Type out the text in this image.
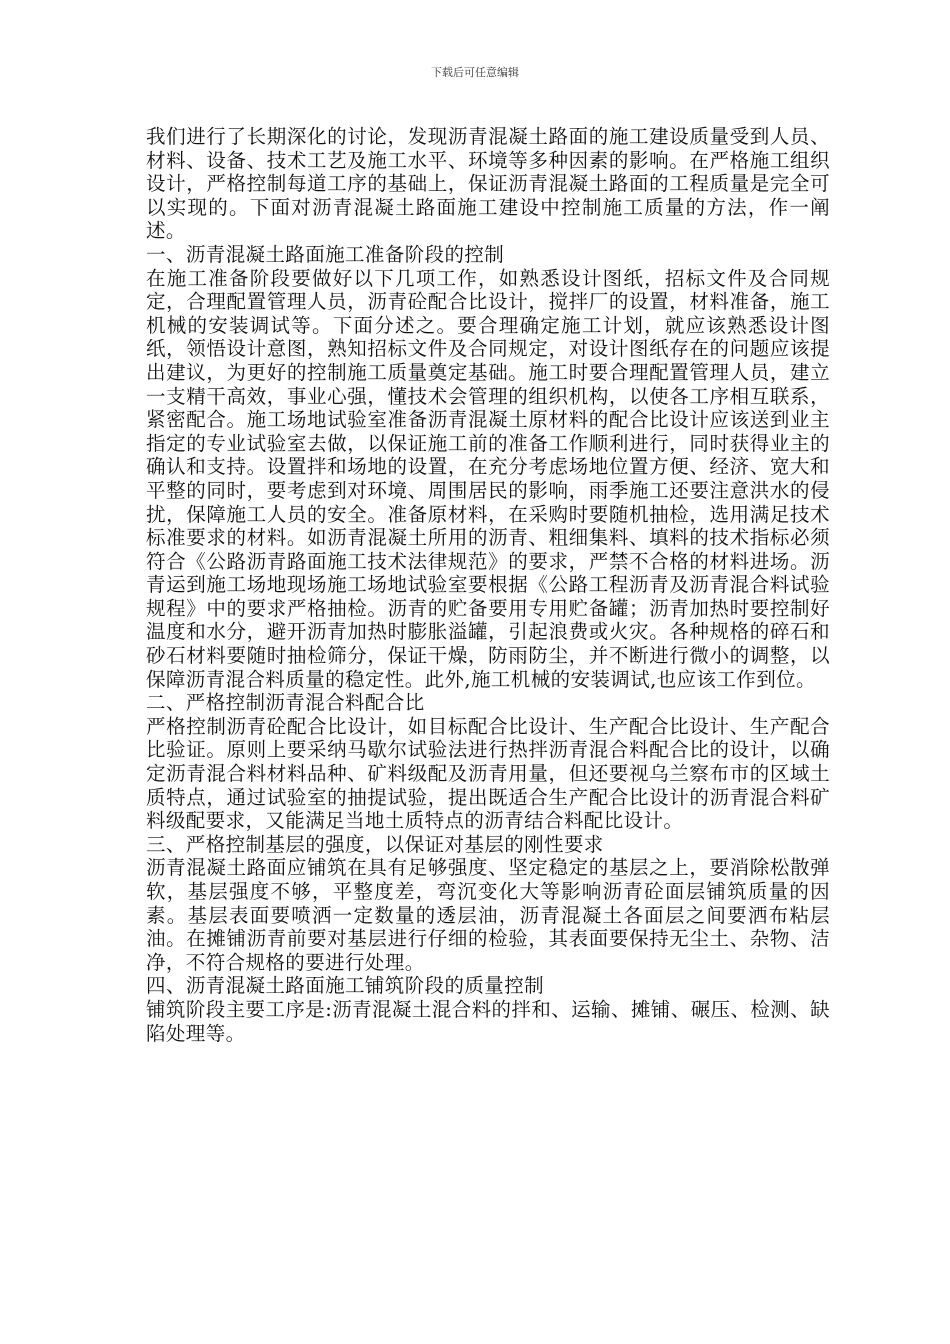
下载后可任意编辑

我们进行了长期深化的讨论，发现沥青混凝土路面的施工建设质量受到人员、材料、设备、技术工艺及施工水平、环境等多种因素的影响。在严格施工组织设计，严格控制每道工序的基础上，保证沥青混凝土路面的工程质量是完全可以实现的。下面对沥青混凝土路面施工建设中控制施工质量的方法，作一阐述。

一、沥青混凝土路面施工准备阶段的控制

在施工准备阶段要做好以下几项工作，如熟悉设计图纸，招标文件及合同规定，合理配置管理人员，沥青砼配合比设计，搅拌厂的设置，材料准备，施工机械的安装调试等。下面分述之。要合理确定施工计划，就应该熟悉设计图纸，领悟设计意图，熟知招标文件及合同规定，对设计图纸存在的问题应该提出建议，为更好的控制施工质量奠定基础。施工时要合理配置管理人员，建立一支精干高效，事业心强，懂技术会管理的组织机构，以使各工序相互联系，紧密配合。施工场地试验室准备沥青混凝土原材料的配合比设计应该送到业主指定的专业试验室去做，以保证施工前的准备工作顺利进行，同时获得业主的确认和支持。设置拌和场地的设置，在充分考虑场地位置方便、经济、宽大和平整的同时，要考虑到对环境、周围居民的影响，雨季施工还要注意洪水的侵扰，保障施工人员的安全。准备原材料，在采购时要随机抽检，选用满足技术标准要求的材料。如沥青混凝土所用的沥青、粗细集料、填料的技术指标必须符合《公路沥青路面施工技术法律规范》的要求，严禁不合格的材料进场。沥青运到施工场地现场施工场地试验室要根据《公路工程沥青及沥青混合料试验规程》中的要求严格抽检。沥青的贮备要用专用贮备罐；沥青加热时要控制好温度和水分，避开沥青加热时膨胀溢罐，引起浪费或火灾。各种规格的碎石和砂石材料要随时抽检筛分，保证干燥，防雨防尘，并不断进行微小的调整，以保障沥青混合料质量的稳定性。此外,施工机械的安装调试,也应该工作到位。

二、严格控制沥青混合料配合比

严格控制沥青砼配合比设计，如目标配合比设计、生产配合比设计、生产配合比验证。原则上要采纳马歇尔试验法进行热拌沥青混合料配合比的设计，以确定沥青混合料材料品种、矿料级配及沥青用量，但还要视乌兰察布市的区域土质特点，通过试验室的抽提试验，提出既适合生产配合比设计的沥青混合料矿料级配要求，又能满足当地土质特点的沥青结合料配比设计。

三、严格控制基层的强度，以保证对基层的刚性要求

沥青混凝土路面应铺筑在具有足够强度、坚定稳定的基层之上，要消除松散弹软，基层强度不够，平整度差，弯沉变化大等影响沥青砼面层铺筑质量的因素。基层表面要喷洒一定数量的透层油，沥青混凝土各面层之间要洒布粘层油。在摊铺沥青前要对基层进行仔细的检验，其表面要保持无尘土、杂物、洁净，不符合规格的要进行处理。

四、沥青混凝土路面施工铺筑阶段的质量控制

铺筑阶段主要工序是:沥青混凝土混合料的拌和、运输、摊铺、碾压、检测、缺陷处理等。
